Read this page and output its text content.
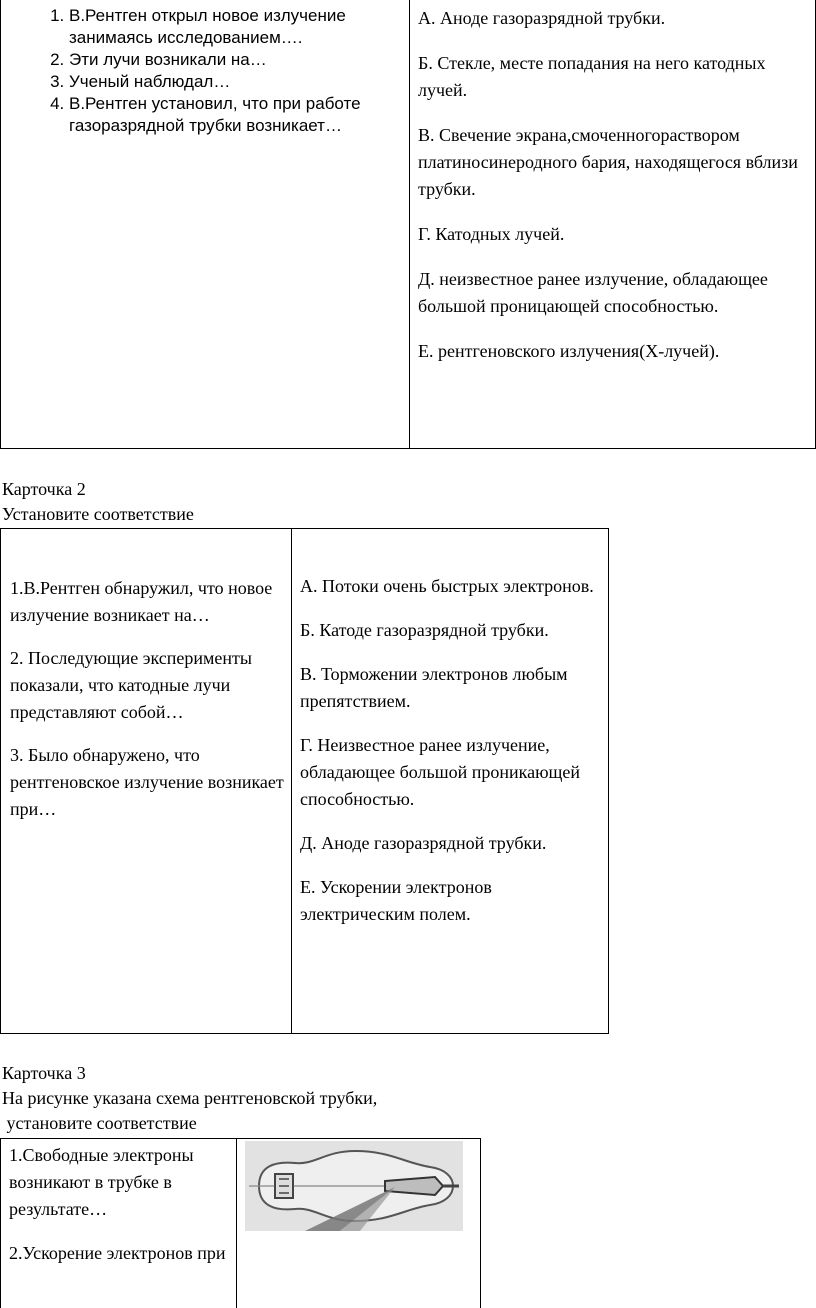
1. В.Рентген открыл новое излучение занимаясь исследованием….
2. Эти лучи возникали на…
3. Ученый наблюдал…
4. В.Рентген установил, что при работе газоразрядной трубки возникает…

А. Аноде газоразрядной трубки.

Б. Стекле, месте попадания на него катодных лучей.

В. Свечение экрана,смоченногораствором платиносинеродного бария, находящегося вблизи трубки.

Г. Катодных лучей.

Д. неизвестное ранее излучение, обладающее большой проницающей способностью.

Е. рентгеновского излучения(Х-лучей).

Карточка 2
Установите соответствие

1.В.Рентген обнаружил, что новое излучение возникает на…

2. Последующие эксперименты показали, что катодные лучи представляют собой…

3. Было обнаружено, что рентгеновское излучение возникает при…

А. Потоки очень быстрых электронов.

Б. Катоде газоразрядной трубки.

В. Торможении электронов любым препятствием.

Г. Неизвестное ранее излучение, обладающее большой проникающей способностью.

Д. Аноде газоразрядной трубки.

Е. Ускорении электронов электрическим полем.

Карточка 3
На рисунке указана схема рентгеновской трубки,
установите соответствие

1.Свободные электроны возникают в трубке в результате…

2.Ускорение электронов при
